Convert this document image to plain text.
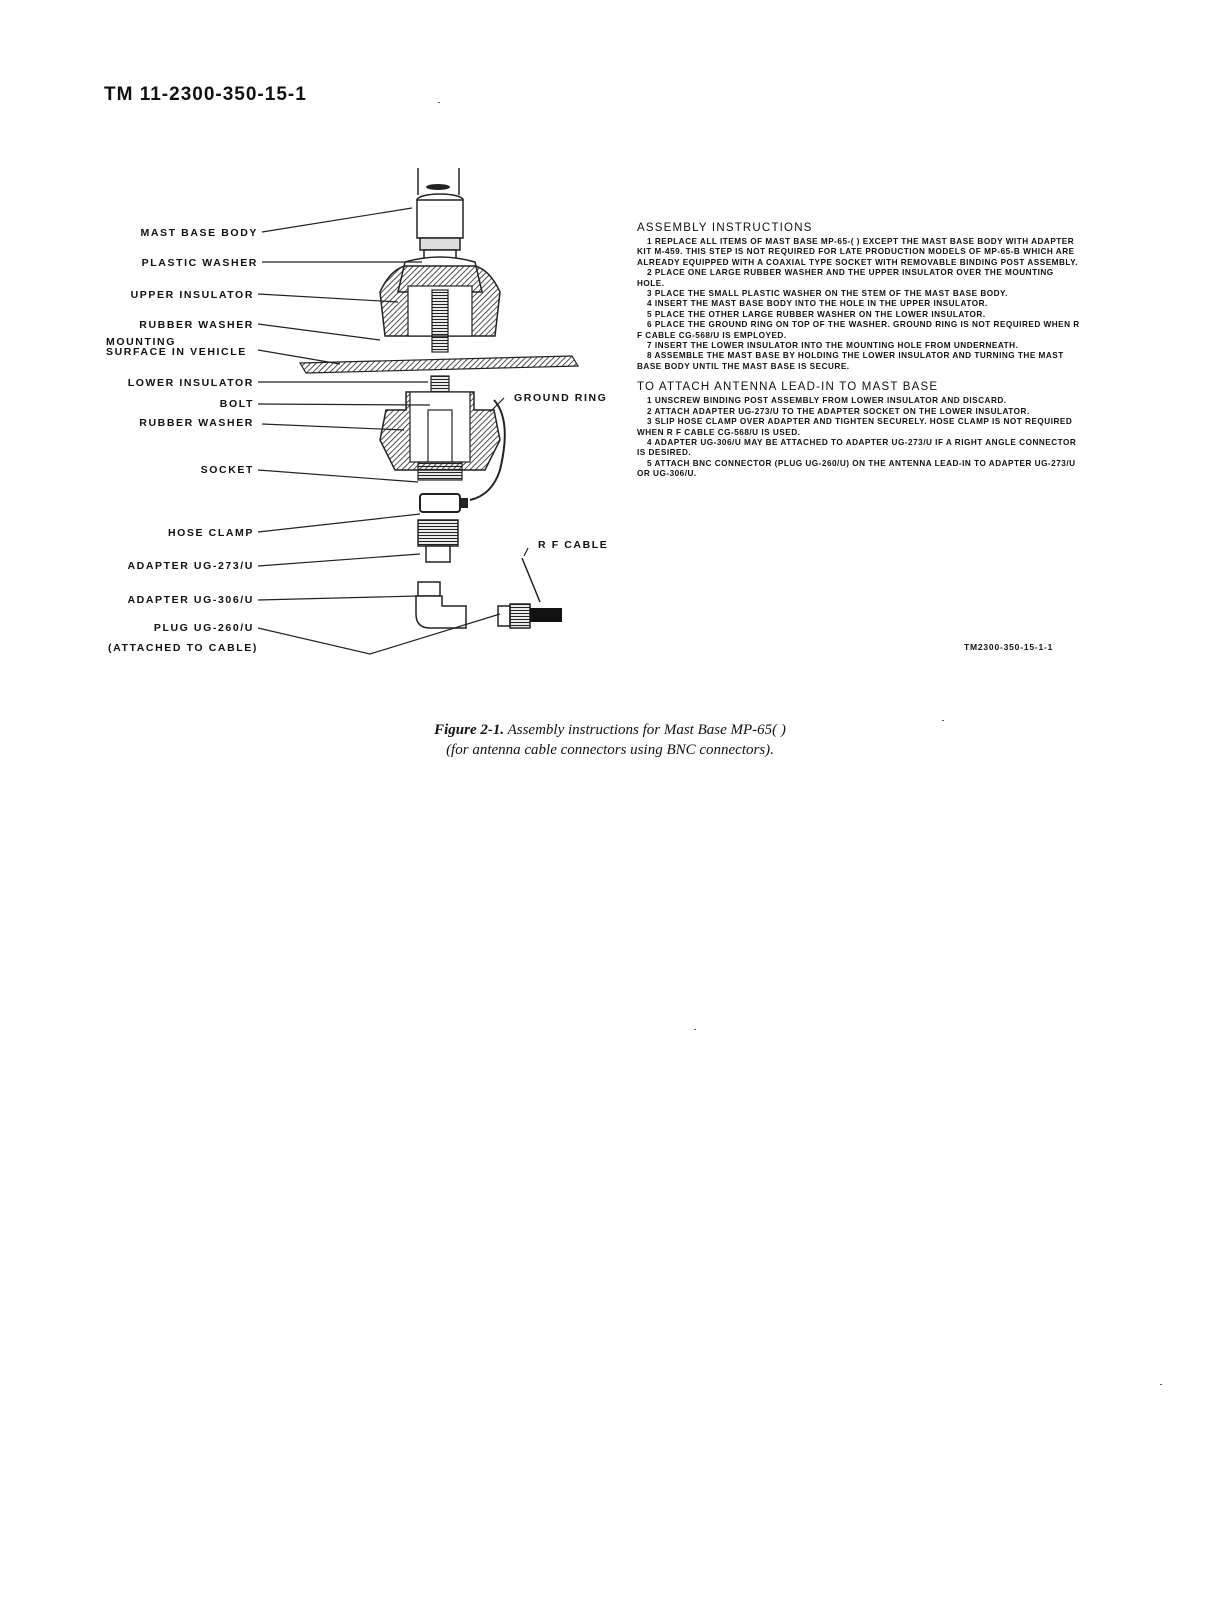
TM 11-2300-350-15-1
MAST BASE BODY
PLASTIC WASHER
UPPER INSULATOR
RUBBER WASHER
MOUNTING
SURFACE IN VEHICLE
LOWER INSULATOR
BOLT
RUBBER WASHER
GROUND RING
SOCKET
HOSE CLAMP
R F CABLE
ADAPTER UG-273/U
ADAPTER UG-306/U
PLUG UG-260/U
(ATTACHED TO CABLE)
ASSEMBLY INSTRUCTIONS

1 REPLACE ALL ITEMS OF MAST BASE MP-65-( ) EXCEPT THE MAST BASE BODY WITH ADAPTER KIT M-459. THIS STEP IS NOT REQUIRED FOR LATE PRODUCTION MODELS OF MP-65-B WHICH ARE ALREADY EQUIPPED WITH A COAXIAL TYPE SOCKET WITH REMOVABLE BINDING POST ASSEMBLY.

2 PLACE ONE LARGE RUBBER WASHER AND THE UPPER INSULATOR OVER THE MOUNTING HOLE.

3 PLACE THE SMALL PLASTIC WASHER ON THE STEM OF THE MAST BASE BODY.

4 INSERT THE MAST BASE BODY INTO THE HOLE IN THE UPPER INSULATOR.

5 PLACE THE OTHER LARGE RUBBER WASHER ON THE LOWER INSULATOR.

6 PLACE THE GROUND RING ON TOP OF THE WASHER. GROUND RING IS NOT REQUIRED WHEN R F CABLE CG-568/U IS EMPLOYED.

7 INSERT THE LOWER INSULATOR INTO THE MOUNTING HOLE FROM UNDERNEATH.

8 ASSEMBLE THE MAST BASE BY HOLDING THE LOWER INSULATOR AND TURNING THE MAST BASE BODY UNTIL THE MAST BASE IS SECURE.

TO ATTACH ANTENNA LEAD-IN TO MAST BASE

1 UNSCREW BINDING POST ASSEMBLY FROM LOWER INSULATOR AND DISCARD.

2 ATTACH ADAPTER UG-273/U TO THE ADAPTER SOCKET ON THE LOWER INSULATOR.

3 SLIP HOSE CLAMP OVER ADAPTER AND TIGHTEN SECURELY. HOSE CLAMP IS NOT REQUIRED WHEN R F CABLE CG-568/U IS USED.

4 ADAPTER UG-306/U MAY BE ATTACHED TO ADAPTER UG-273/U IF A RIGHT ANGLE CONNECTOR IS DESIRED.

5 ATTACH BNC CONNECTOR (PLUG UG-260/U) ON THE ANTENNA LEAD-IN TO ADAPTER UG-273/U OR UG-306/U.

TM2300-350-15-1-1
Figure 2-1. Assembly instructions for Mast Base MP-65( )
(for antenna cable connectors using BNC connectors).
